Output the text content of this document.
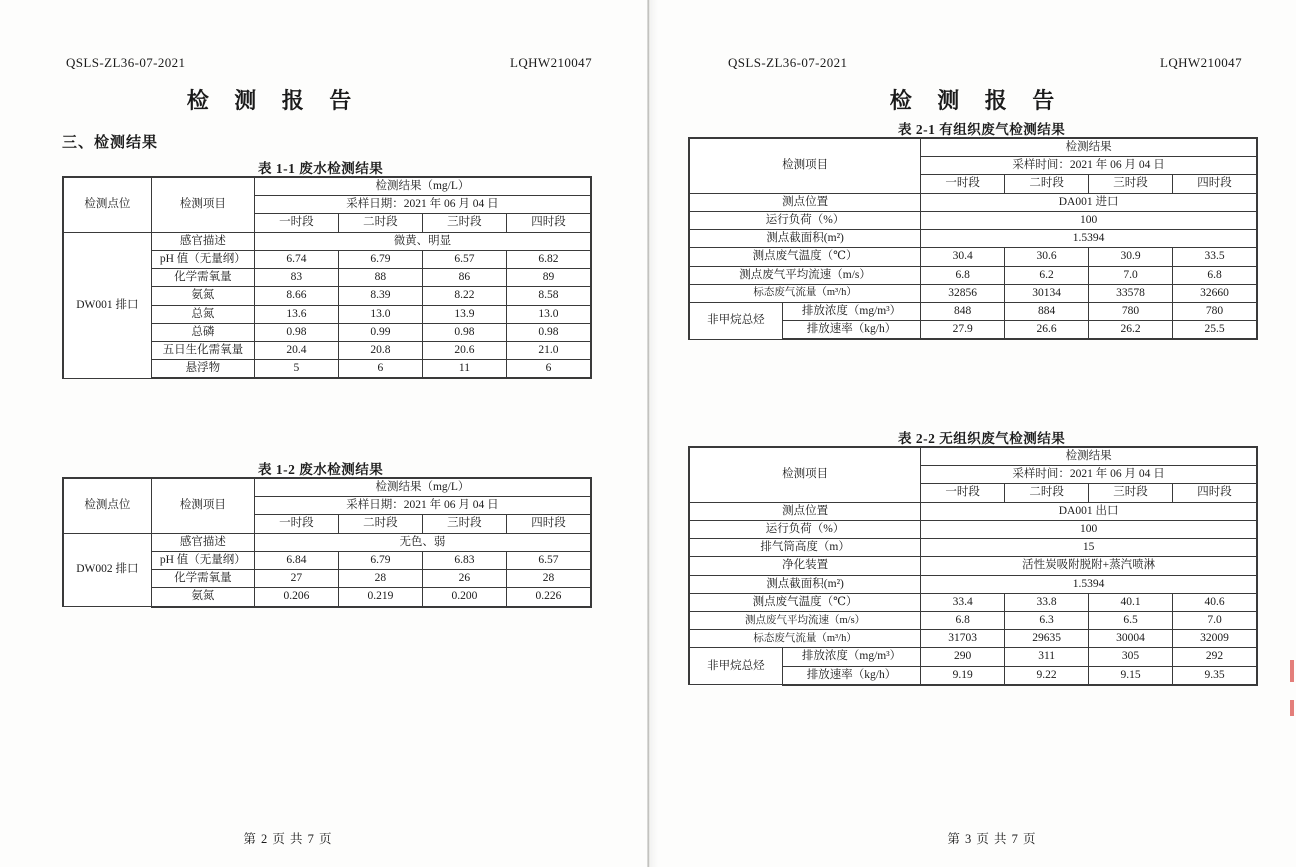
QSLS-ZL36-07-2021	LQHW210047
检 测 报 告
三、检测结果
表 1-1 废水检测结果
检测点位	检测项目	检测结果（mg/L）			
		采样日期：2021 年 06 月 04 日			
		一时段	二时段	三时段	四时段
DW001 排口	感官描述	微黄、明显			
	pH 值（无量纲）	6.74	6.79	6.57	6.82
	化学需氧量	83	88	86	89
	氨氮	8.66	8.39	8.22	8.58
	总氮	13.6	13.0	13.9	13.0
	总磷	0.98	0.99	0.98	0.98
	五日生化需氧量	20.4	20.8	20.6	21.0
	悬浮物	5	6	11	6
表 1-2 废水检测结果
检测点位	检测项目	检测结果（mg/L）			
		采样日期：2021 年 06 月 04 日			
		一时段	二时段	三时段	四时段
DW002 排口	感官描述	无色、弱			
	pH 值（无量纲）	6.84	6.79	6.83	6.57
	化学需氧量	27	28	26	28
	氨氮	0.206	0.219	0.200	0.226
第 2 页 共 7 页
QSLS-ZL36-07-2021	LQHW210047
检 测 报 告
表 2-1 有组织废气检测结果
检测项目		检测结果			
		采样时间：2021 年 06 月 04 日			
		一时段	二时段	三时段	四时段
测点位置		DA001 进口			
运行负荷（%）		100			
测点截面积(m²)		1.5394			
测点废气温度（℃）		30.4	30.6	30.9	33.5
测点废气平均流速（m/s）		6.8	6.2	7.0	6.8
标态废气流量（m³/h）		32856	30134	33578	32660
非甲烷总烃	排放浓度（mg/m³）	848	884	780	780
	排放速率（kg/h）	27.9	26.6	26.2	25.5
表 2-2 无组织废气检测结果
检测项目		检测结果			
		采样时间：2021 年 06 月 04 日			
		一时段	二时段	三时段	四时段
测点位置		DA001 出口			
运行负荷（%）		100			
排气筒高度（m）		15			
净化装置		活性炭吸附脱附+蒸汽喷淋			
测点截面积(m²)		1.5394			
测点废气温度（℃）		33.4	33.8	40.1	40.6
测点废气平均流速（m/s）		6.8	6.3	6.5	7.0
标态废气流量（m³/h）		31703	29635	30004	32009
非甲烷总烃	排放浓度（mg/m³）	290	311	305	292
	排放速率（kg/h）	9.19	9.22	9.15	9.35
第 3 页 共 7 页
